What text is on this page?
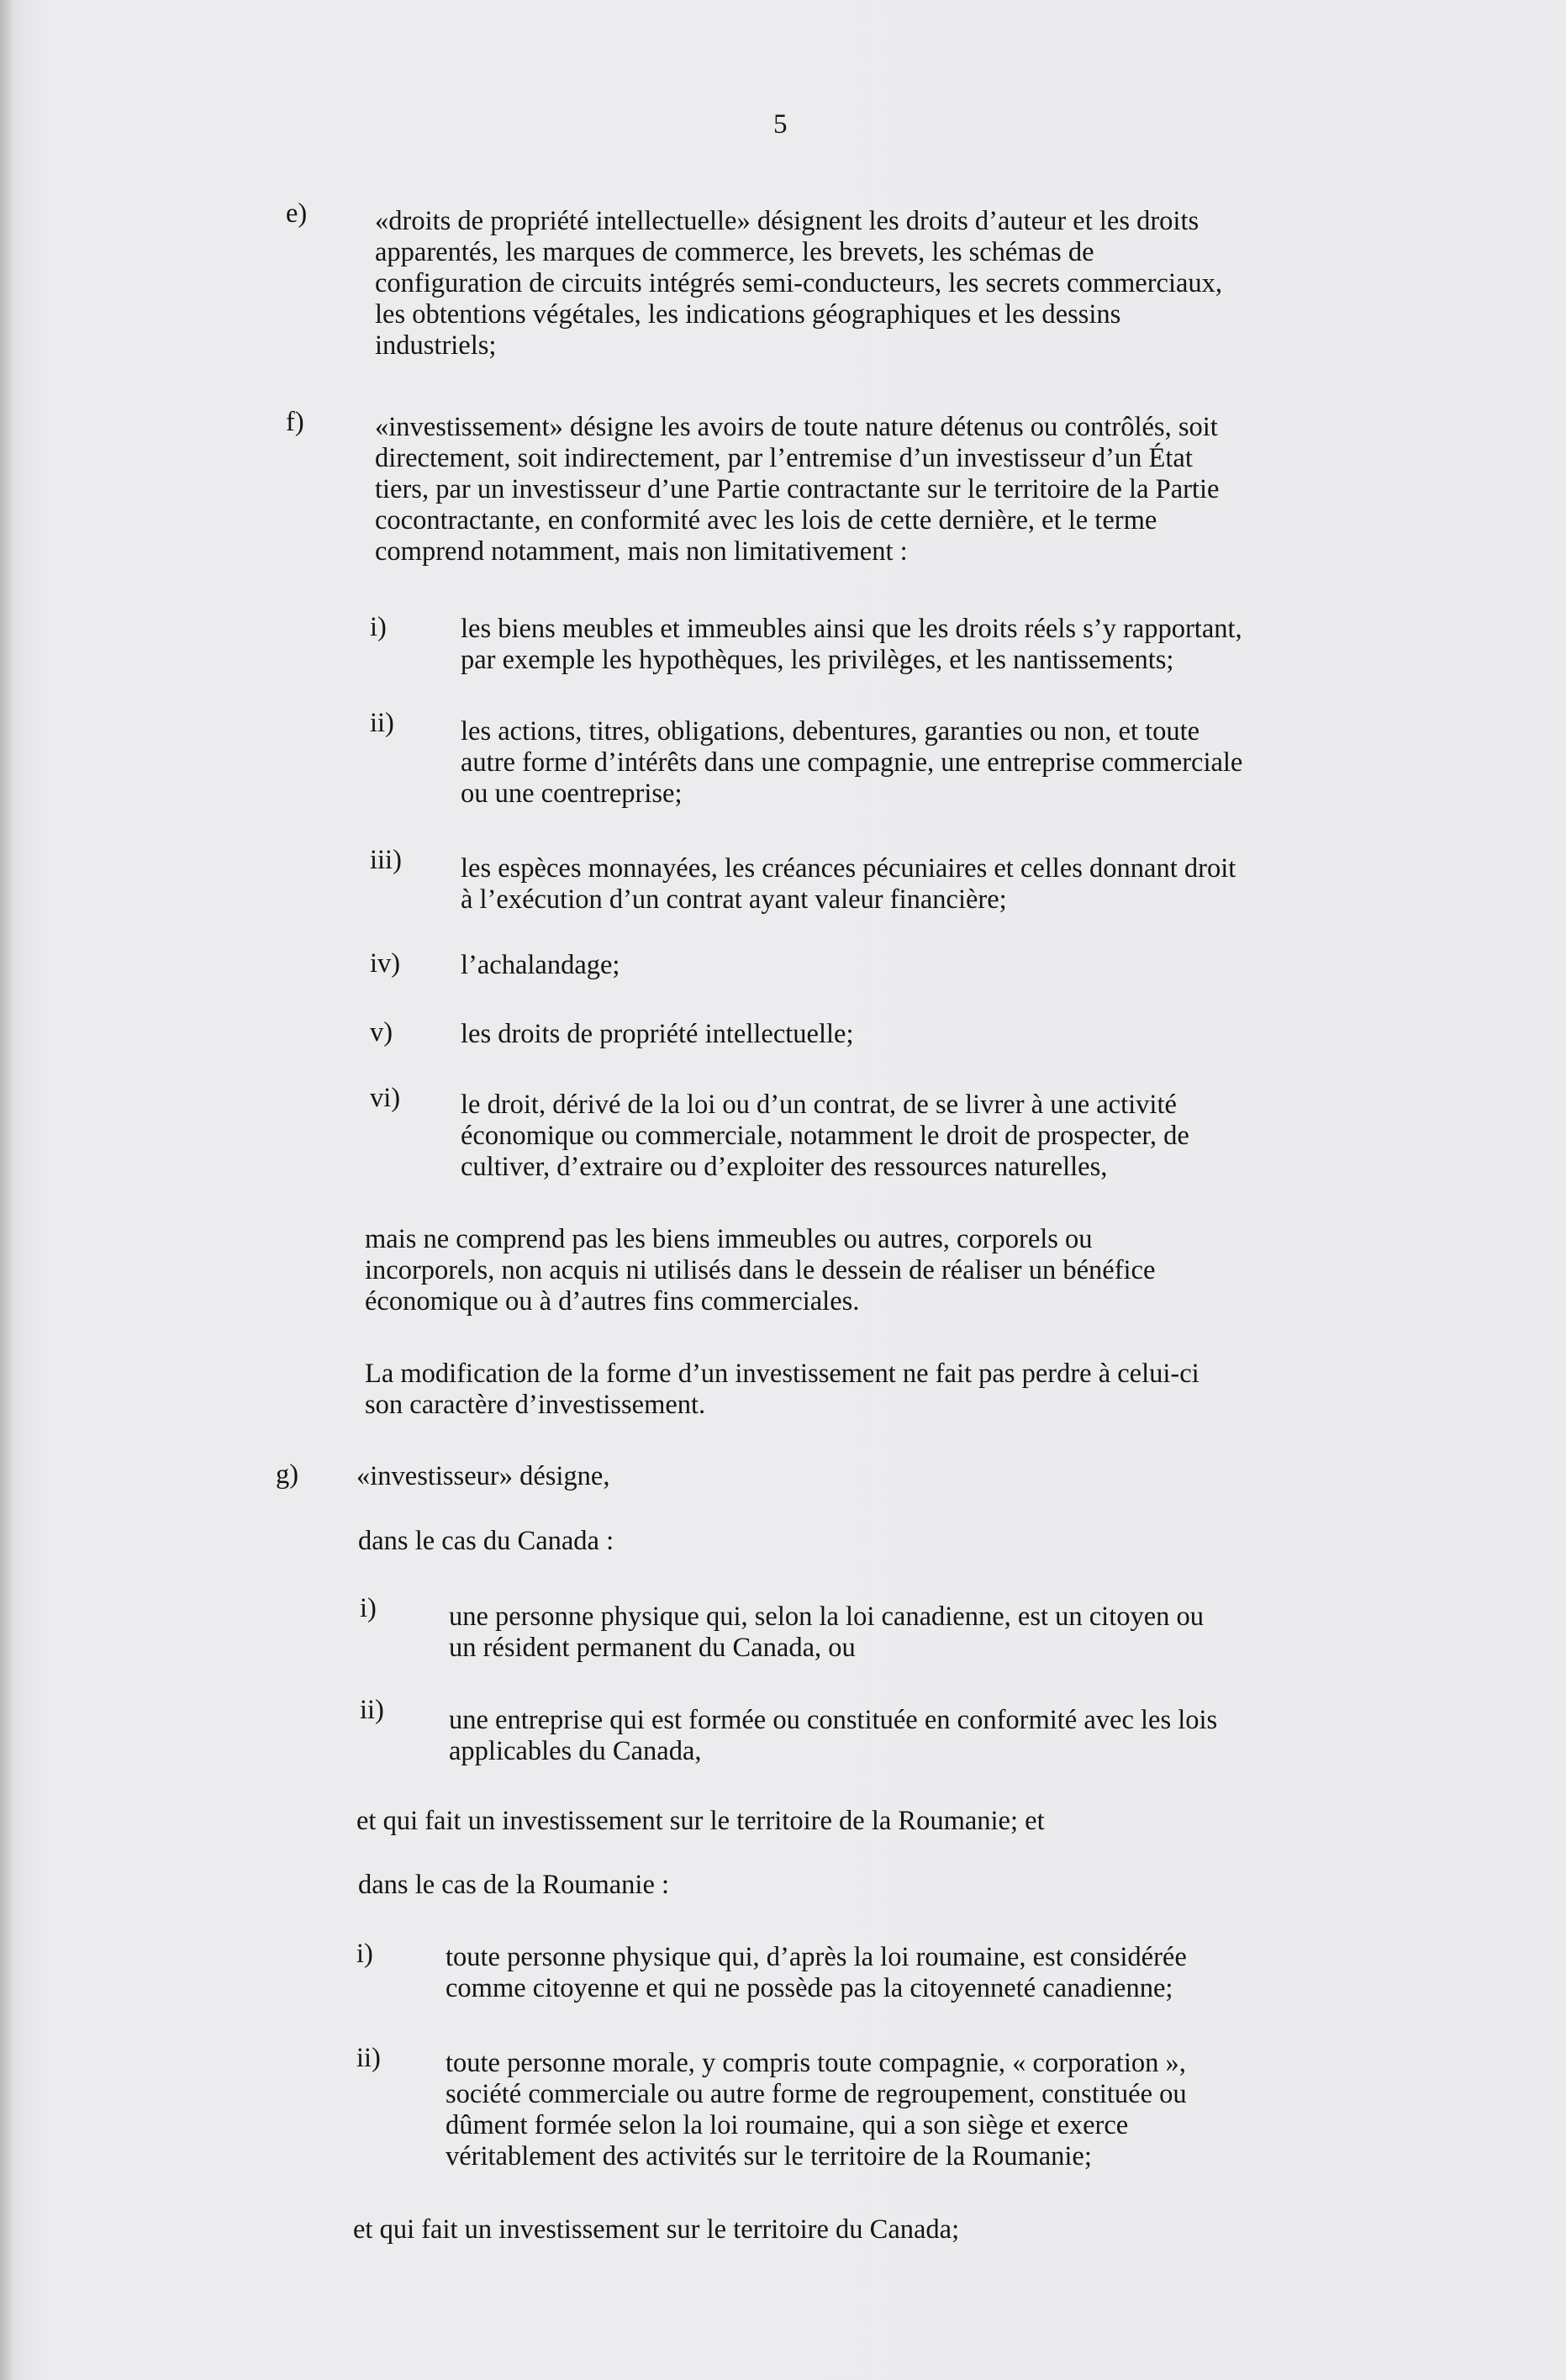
5
e) «droits de propriété intellectuelle» désignent les droits d’auteur et les droits
apparentés, les marques de commerce, les brevets, les schémas de
configuration de circuits intégrés semi-conducteurs, les secrets commerciaux,
les obtentions végétales, les indications géographiques et les dessins
industriels;
f)	«investissement» désigne les avoirs de toute nature détenus ou contrôlés, soit
directement, soit indirectement, par l’entremise d’un investisseur d’un État
tiers, par un investisseur d’une Partie contractante sur le territoire de la Partie
cocontractante, en conformité avec les lois de cette dernière, et le terme
comprend notamment, mais non limitativement :
i)	les biens meubles et immeubles ainsi que les droits réels s’y rapportant,
par exemple les hypothèques, les privilèges, et les nantissements;
ii) les actions, titres, obligations, debentures, garanties ou non, et toute
autre forme d’intérêts dans une compagnie, une entreprise commerciale
ou une coentreprise;
iii) les espèces monnayées, les créances pécuniaires et celles donnant droit
à l’exécution d’un contrat ayant valeur financière;
iv) l’achalandage;
v) les droits de propriété intellectuelle;
vi) le droit, dérivé de la loi ou d’un contrat, de se livrer à une activité
économique ou commerciale, notamment le droit de prospecter, de
cultiver, d’extraire ou d’exploiter des ressources naturelles,
mais ne comprend pas les biens immeubles ou autres, corporels ou
incorporels, non acquis ni utilisés dans le dessein de réaliser un bénéfice
économique ou à d’autres fins commerciales.
La modification de la forme d’un investissement ne fait pas perdre à celui-ci
son caractère d’investissement.
g) «investisseur» désigne,
dans le cas du Canada :
i)	une personne physique qui, selon la loi canadienne, est un citoyen ou
un résident permanent du Canada, ou
ii) une entreprise qui est formée ou constituée en conformité avec les lois
applicables du Canada,
et qui fait un investissement sur le territoire de la Roumanie; et
dans le cas de la Roumanie :
i)	toute personne physique qui, d’après la loi roumaine, est considérée
comme citoyenne et qui ne possède pas la citoyenneté canadienne;
ii) toute personne morale, y compris toute compagnie, « corporation »,
société commerciale ou autre forme de regroupement, constituée ou
dûment formée selon la loi roumaine, qui a son siège et exerce
véritablement des activités sur le territoire de la Roumanie;
et qui fait un investissement sur le territoire du Canada;
